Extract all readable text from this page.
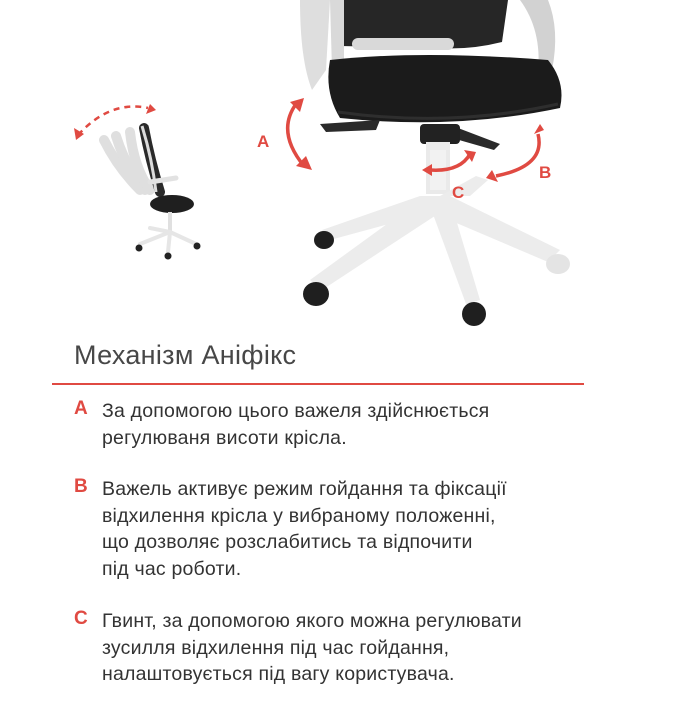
A
B
C
Механізм Аніфікс
A За допомогою цього важеля здійснюється
регулюваня висоти крісла.
B Важель активує режим гойдання та фіксації
відхилення крісла у вибраному положенні,
що дозволяє розслабитись та відпочити
під час роботи.
C Гвинт, за допомогою якого можна регулювати
зусилля відхилення під час гойдання,
налаштовується під вагу користувача.
